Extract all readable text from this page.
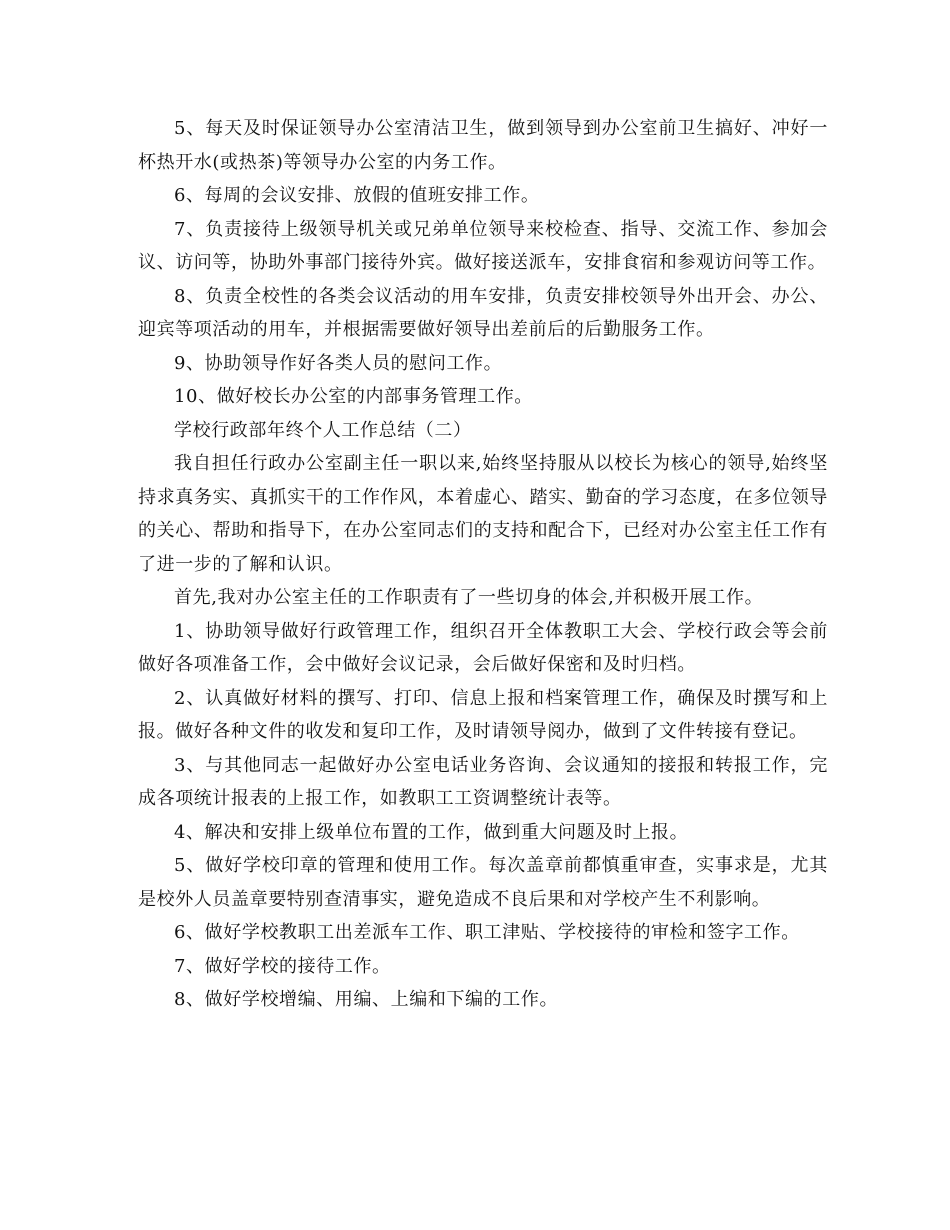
5、每天及时保证领导办公室清洁卫生，做到领导到办公室前卫生搞好、冲好一杯热开水(或热茶)等领导办公室的内务工作。

6、每周的会议安排、放假的值班安排工作。

7、负责接待上级领导机关或兄弟单位领导来校检查、指导、交流工作、参加会议、访问等，协助外事部门接待外宾。做好接送派车，安排食宿和参观访问等工作。

8、负责全校性的各类会议活动的用车安排，负责安排校领导外出开会、办公、迎宾等项活动的用车，并根据需要做好领导出差前后的后勤服务工作。

9、协助领导作好各类人员的慰问工作。

10、做好校长办公室的内部事务管理工作。

学校行政部年终个人工作总结（二）

我自担任行政办公室副主任一职以来,始终坚持服从以校长为核心的领导,始终坚持求真务实、真抓实干的工作作风，本着虚心、踏实、勤奋的学习态度，在多位领导的关心、帮助和指导下，在办公室同志们的支持和配合下，已经对办公室主任工作有了进一步的了解和认识。

首先,我对办公室主任的工作职责有了一些切身的体会,并积极开展工作。

1、协助领导做好行政管理工作，组织召开全体教职工大会、学校行政会等会前做好各项准备工作，会中做好会议记录，会后做好保密和及时归档。

2、认真做好材料的撰写、打印、信息上报和档案管理工作，确保及时撰写和上报。做好各种文件的收发和复印工作，及时请领导阅办，做到了文件转接有登记。

3、与其他同志一起做好办公室电话业务咨询、会议通知的接报和转报工作，完成各项统计报表的上报工作，如教职工工资调整统计表等。

4、解决和安排上级单位布置的工作，做到重大问题及时上报。

5、做好学校印章的管理和使用工作。每次盖章前都慎重审查，实事求是，尤其是校外人员盖章要特别查清事实，避免造成不良后果和对学校产生不利影响。

6、做好学校教职工出差派车工作、职工津贴、学校接待的审检和签字工作。

7、做好学校的接待工作。

8、做好学校增编、用编、上编和下编的工作。
